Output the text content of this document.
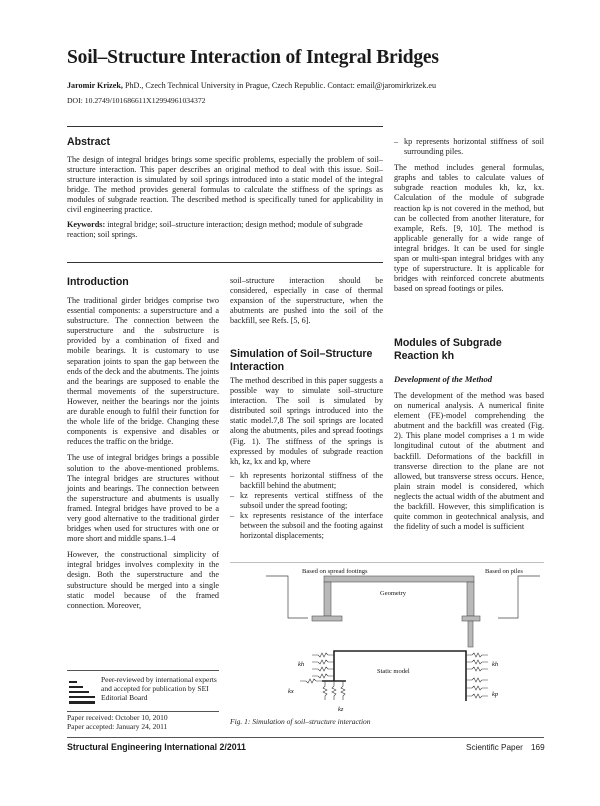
Soil–Structure Interaction of Integral Bridges
Jaromir Krizek, PhD., Czech Technical University in Prague, Czech Republic. Contact: email@jaromirkrizek.eu
DOI: 10.2749/101686611X12994961034372
Abstract

The design of integral bridges brings some specific problems, especially the problem of soil–structure interaction. This paper describes an original method to deal with this issue. Soil–structure interaction is simulated by soil springs introduced into a static model of the integral bridge. The method provides general formulas to calculate the stiffness of the springs as modules of subgrade reaction. The described method is specifically tuned for applicability in civil engineering practice.

Keywords: integral bridge; soil–structure interaction; design method; module of subgrade reaction; soil springs.

Introduction

The traditional girder bridges comprise two essential components: a superstructure and a substructure. The connection between the superstructure and the substructure is provided by a combination of fixed and mobile bearings. It is customary to use separation joints to span the gap between the ends of the deck and the abutments. The joints and the bearings are supposed to enable the thermal movements of the superstructure. However, neither the bearings nor the joints are durable enough to fulfil their function for the whole life of the bridge. Changing these components is expensive and disables or reduces the traffic on the bridge.

The use of integral bridges brings a possible solution to the above-mentioned problems. The integral bridges are structures without joints and bearings. The connection between the superstructure and abutments is usually framed. Integral bridges have proved to be a very good alternative to the traditional girder bridges when used for structures with one or more short and middle spans.1–4

However, the constructional simplicity of integral bridges involves complexity in the design. Both the superstructure and the substructure should be merged into a single static model because of the framed connection. Moreover,

Peer-reviewed by international experts and accepted for publication by SEI Editorial Board
Paper received: October 10, 2010
Paper accepted: January 24, 2011

soil–structure interaction should be considered, especially in case of thermal expansion of the superstructure, when the abutments are pushed into the soil of the backfill, see Refs. [5, 6].

Simulation of Soil–Structure Interaction

The method described in this paper suggests a possible way to simulate soil–structure interaction. The soil is simulated by distributed soil springs introduced into the static model.7,8 The soil springs are located along the abutments, piles and spread footings (Fig. 1). The stiffness of the springs is expressed by modules of subgrade reaction kh, kz, kx and kp, where

– kh represents horizontal stiffness of the backfill behind the abutment;
– kz represents vertical stiffness of the subsoil under the spread footing;
– kx represents resistance of the interface between the subsoil and the footing against horizontal displacements;
– kp represents horizontal stiffness of soil surrounding piles.

The method includes general formulas, graphs and tables to calculate values of subgrade reaction modules kh, kz, kx. Calculation of the module of subgrade reaction kp is not covered in the method, but can be collected from another literature, for example, Refs. [9, 10]. The method is applicable generally for a wide range of integral bridges. It can be used for single span or multi-span integral bridges with any type of superstructure. It is applicable for bridges with reinforced concrete abutments based on spread footings or piles.

Modules of Subgrade Reaction kh
Development of the Method

The development of the method was based on numerical analysis. A numerical finite element (FE)-model comprehending the abutment and the backfill was created (Fig. 2). This plane model comprises a 1 m wide longitudinal cutout of the abutment and backfill. Deformations of the backfill in transverse direction to the plane are not allowed, but transverse stress occurs. Hence, plain strain model is considered, which neglects the actual width of the abutment and the backfill. However, this simplification is quite common in geotechnical analysis, and the fidelity of such a model is sufficient

Based on spread footings	Based on piles
Geometry
Static model
kh
kz
kx
kh
kp
Fig. 1: Simulation of soil–structure interaction
Structural Engineering International 2/2011	Scientific Paper 169
